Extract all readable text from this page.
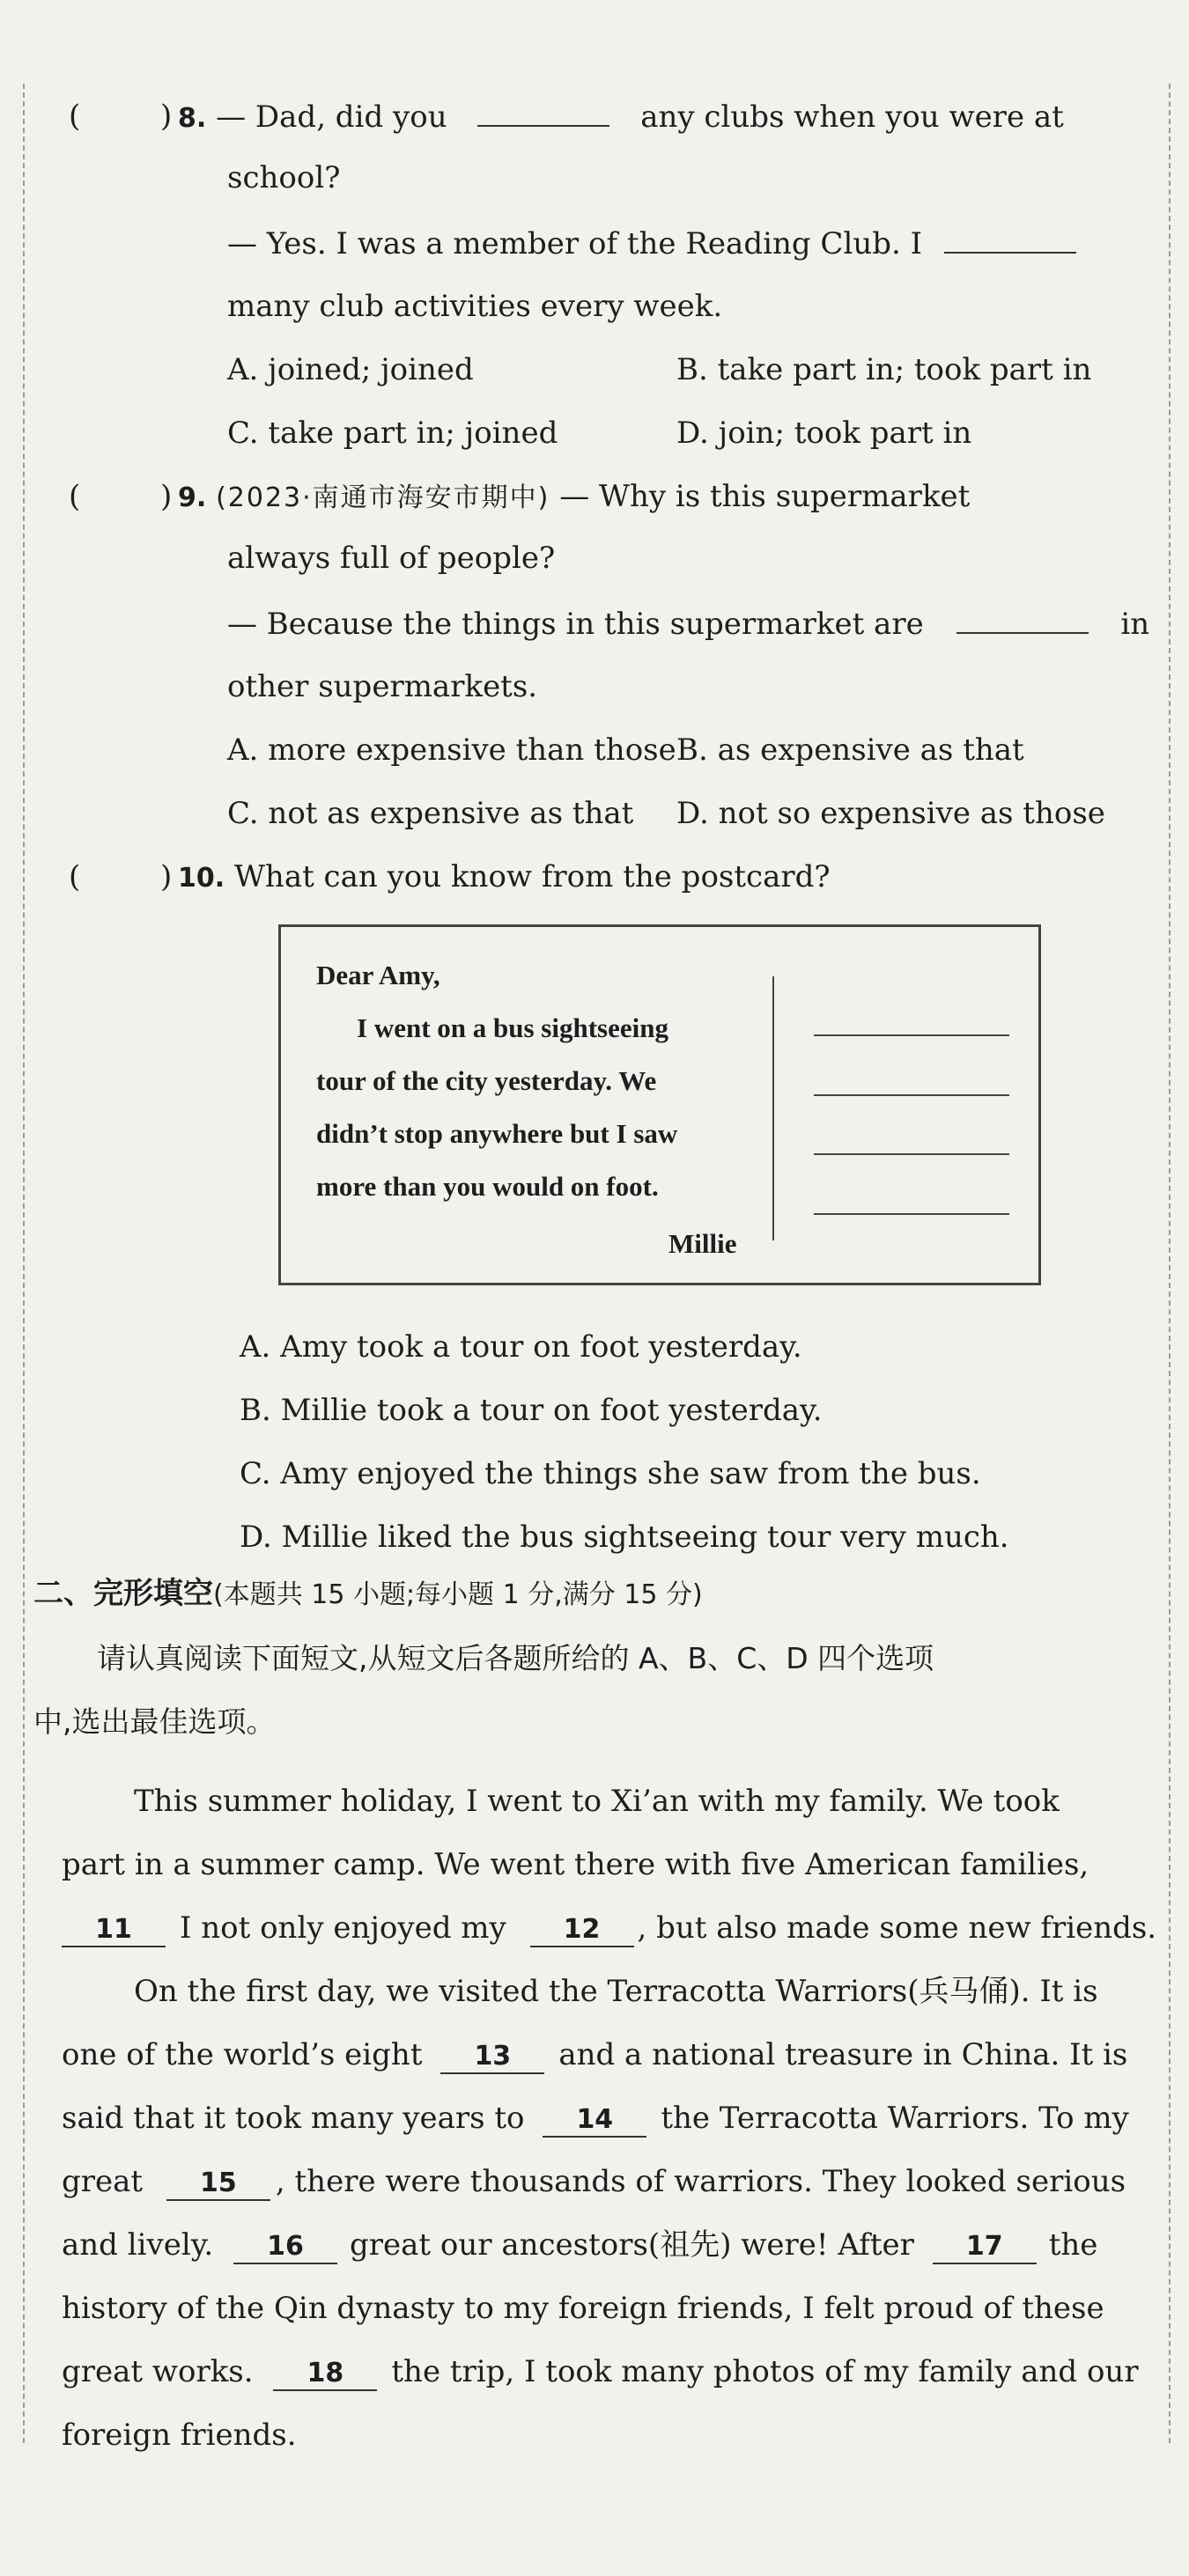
(	) 8. — Dad, did you	any clubs when you were at
school?
— Yes. I was a member of the Reading Club. I
many club activities every week.
A. joined; joined	B. take part in; took part in
C. take part in; joined	D. join; took part in
(	) 9. (2023·南通市海安市期中) — Why is this supermarket
always full of people?
— Because the things in this supermarket are	in
other supermarkets.
A. more expensive than those B. as expensive as that
C. not as expensive as that D. not so expensive as those
(	) 10. What can you know from the postcard?
Dear Amy,
I went on a bus sightseeing
tour of the city yesterday. We
didn’t stop anywhere but I saw
more than you would on foot.
Millie
A. Amy took a tour on foot yesterday.
B. Millie took a tour on foot yesterday.
C. Amy enjoyed the things she saw from the bus.
D. Millie liked the bus sightseeing tour very much.
二、完形填空(本题共 15 小题;每小题 1 分,满分 15 分)
请认真阅读下面短文,从短文后各题所给的 A、B、C、D 四个选项
中,选出最佳选项。
This summer holiday, I went to Xi’an with my family. We took
part in a summer camp. We went there with five American families,
11 I not only enjoyed my 12 , but also made some new friends.
On the first day, we visited the Terracotta Warriors(兵马俑). It is
one of the world’s eight 13 and a national treasure in China. It is
said that it took many years to 14 the Terracotta Warriors. To my
great 15 , there were thousands of warriors. They looked serious
and lively. 16 great our ancestors(祖先) were! After 17 the
history of the Qin dynasty to my foreign friends, I felt proud of these
great works. 18 the trip, I took many photos of my family and our
foreign friends.
